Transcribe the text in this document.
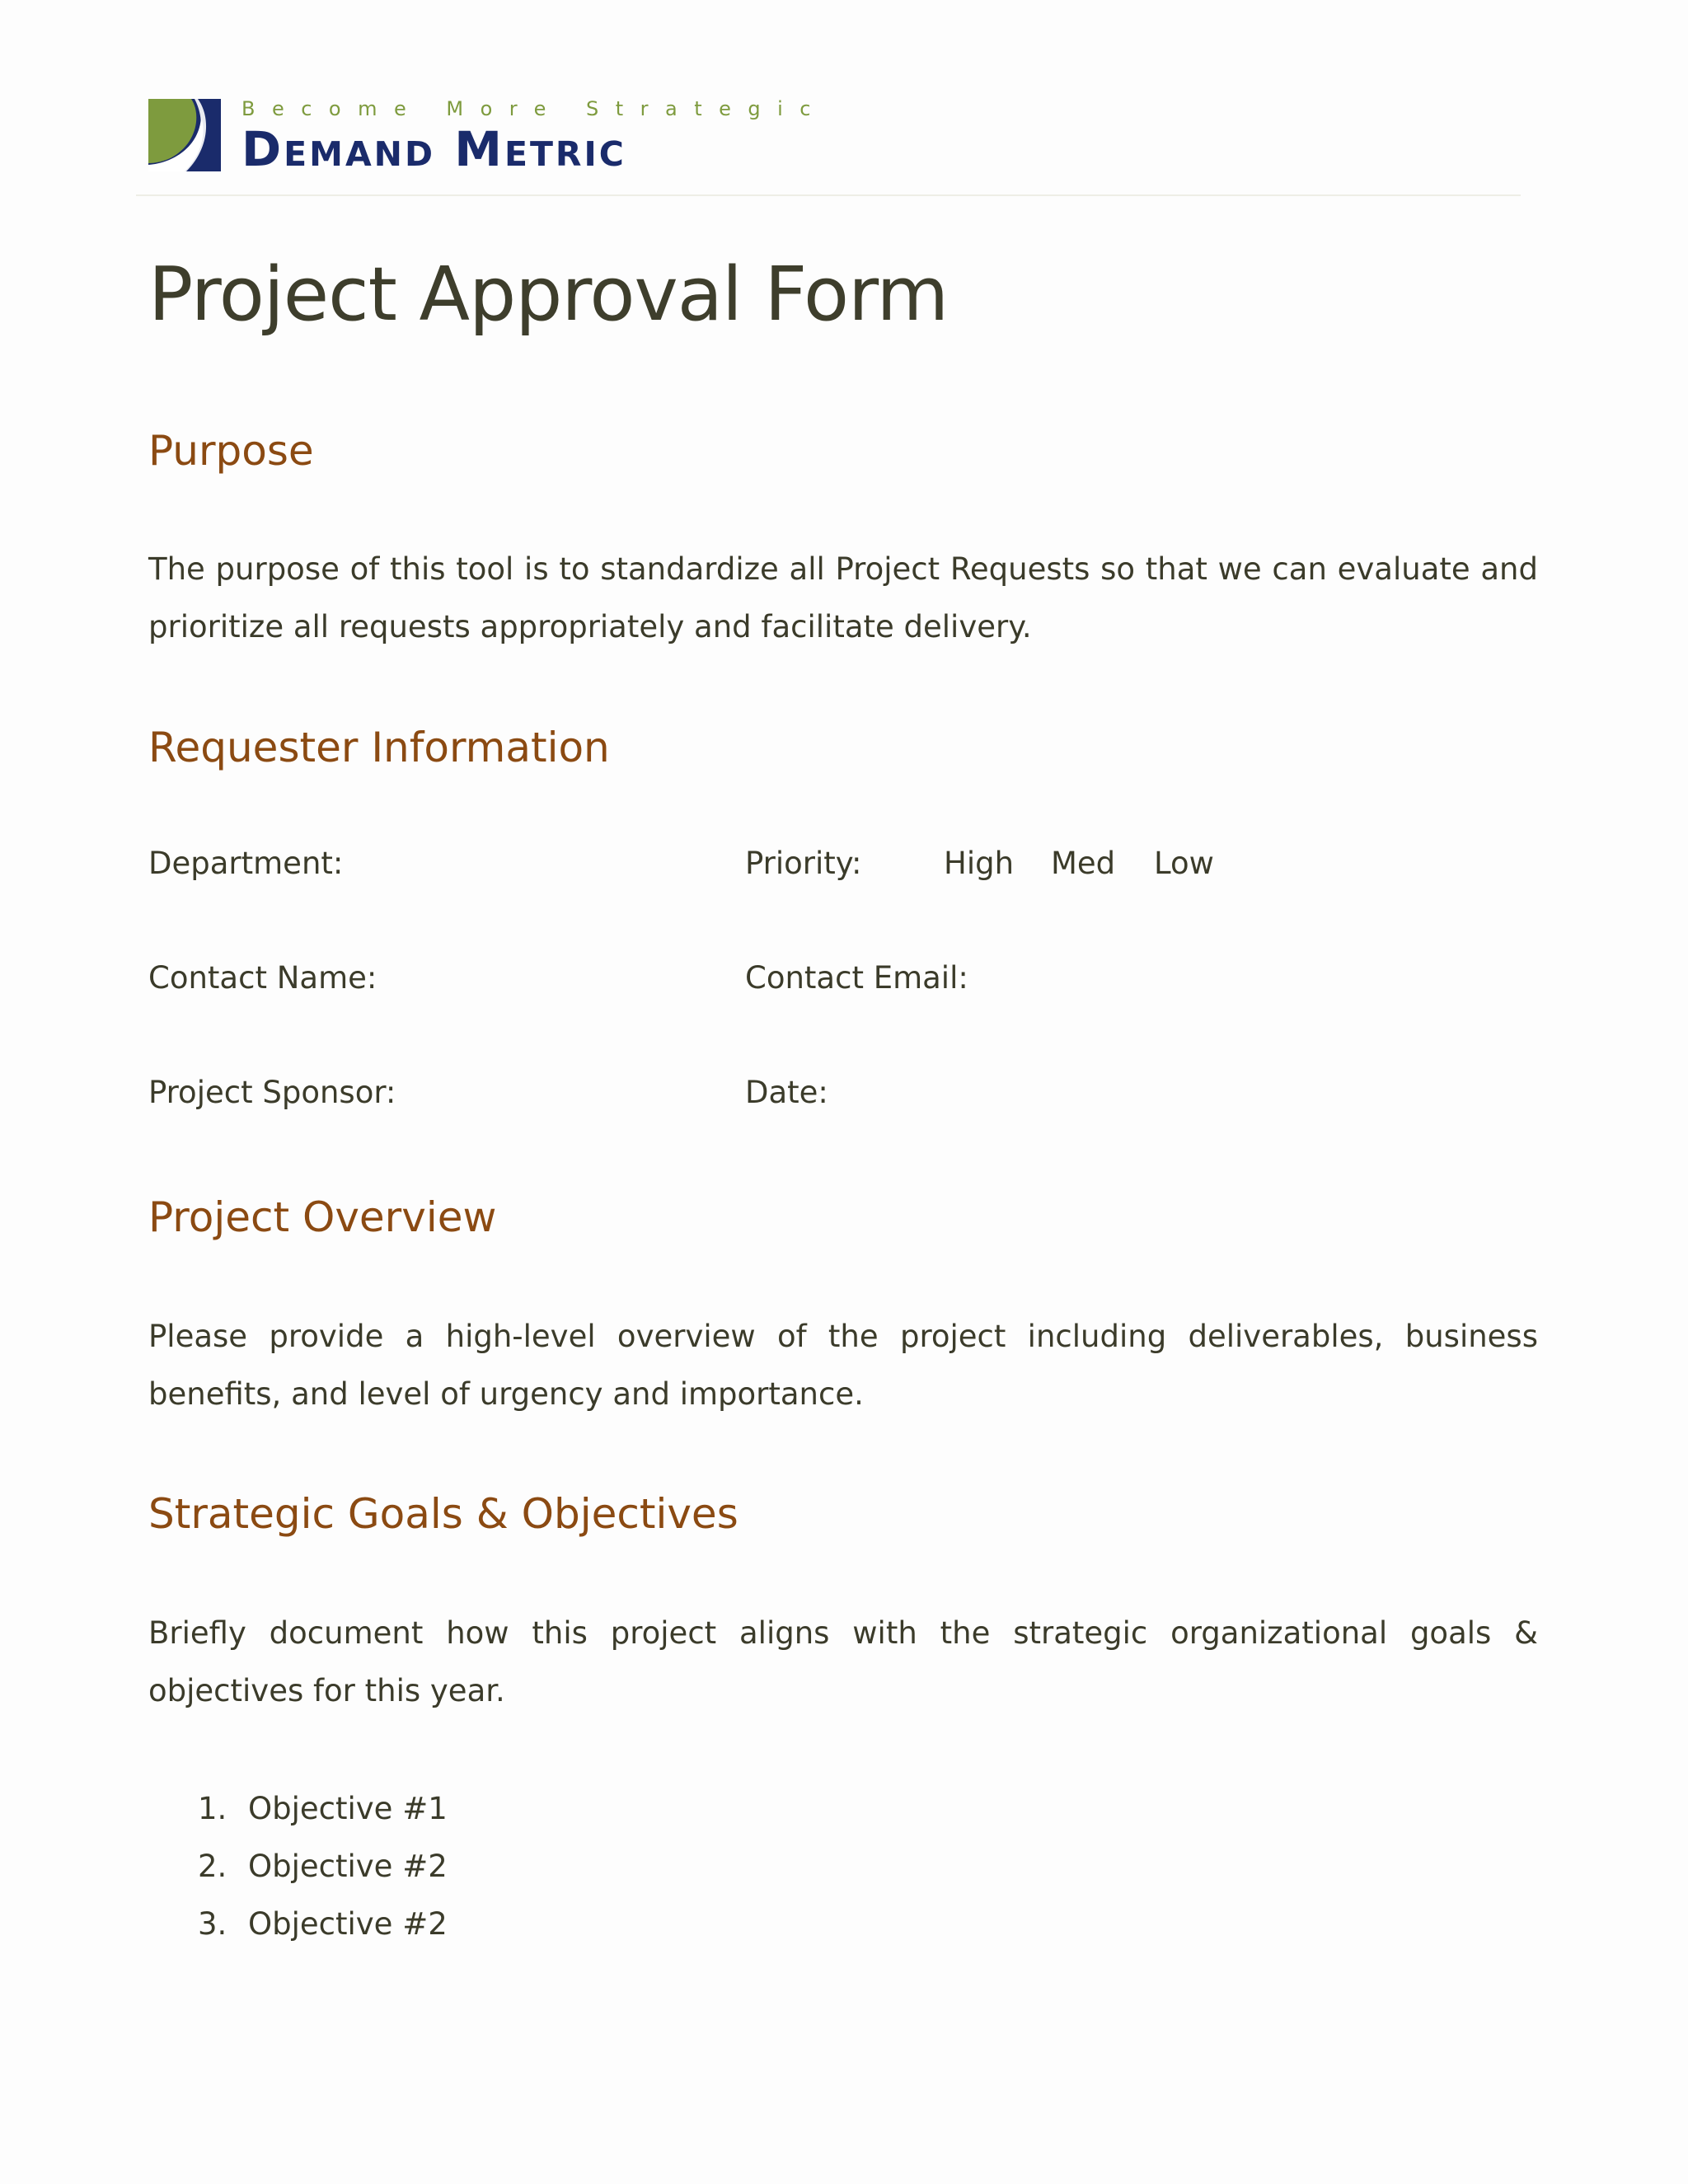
Become More Strategic
Demand Metric
Project Approval Form
Purpose

The purpose of this tool is to standardize all Project Requests so that we can evaluate and prioritize all requests appropriately and facilitate delivery.

Requester Information
Department:	Priority:	High Med Low
Contact Name:	Contact Email:
Project Sponsor:	Date:
Project Overview

Please provide a high-level overview of the project including deliverables, business benefits, and level of urgency and importance.

Strategic Goals & Objectives

Briefly document how this project aligns with the strategic organizational goals & objectives for this year.

1. Objective #1
2. Objective #2
3. Objective #2
